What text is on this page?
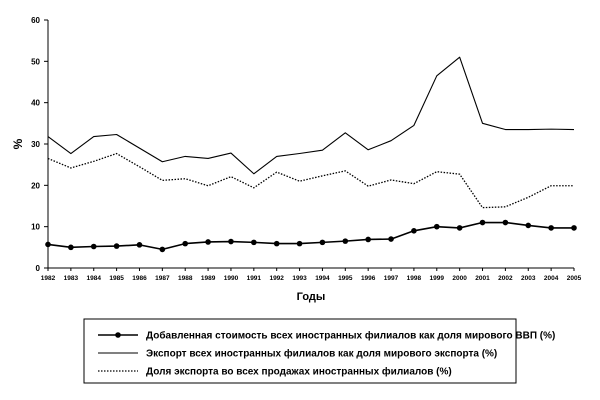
0
10
20
30
40
50
60
1982 1983 1984 1985 1986 1987 1988 1989 1990 1991 1992 1993 1994 1995 1996 1997 1998 1999 2000 2001 2002 2003 2004 2005
%
Годы
Добавленная стоимость всех иностранных филиалов как доля мирового ВВП (%)
Экспорт всех иностранных филиалов как доля мирового экспорта (%)
Доля экспорта во всех продажах иностранных филиалов (%)
